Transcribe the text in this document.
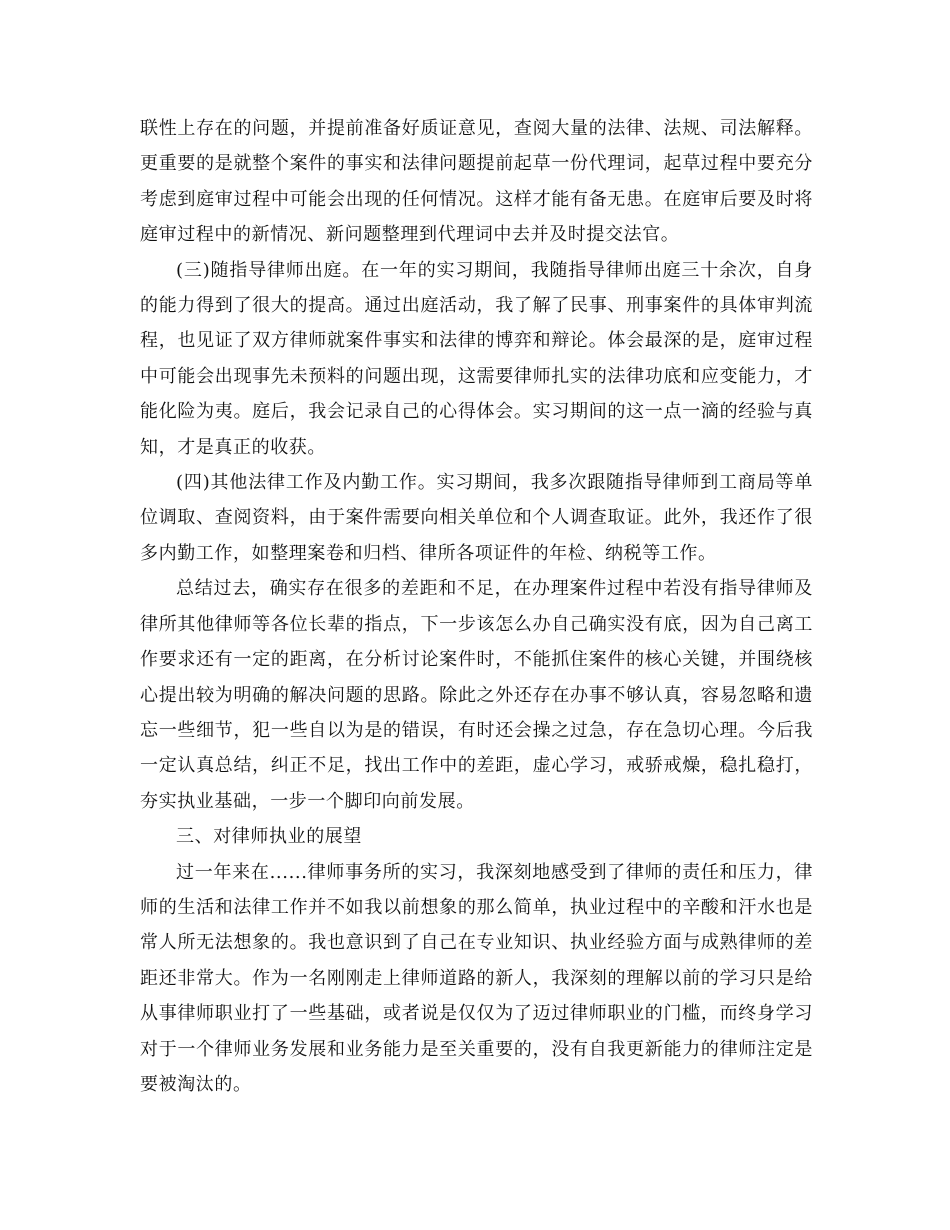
联性上存在的问题，并提前准备好质证意见，查阅大量的法律、法规、司法解释。更重要的是就整个案件的事实和法律问题提前起草一份代理词，起草过程中要充分考虑到庭审过程中可能会出现的任何情况。这样才能有备无患。在庭审后要及时将庭审过程中的新情况、新问题整理到代理词中去并及时提交法官。

(三)随指导律师出庭。在一年的实习期间，我随指导律师出庭三十余次，自身的能力得到了很大的提高。通过出庭活动，我了解了民事、刑事案件的具体审判流程，也见证了双方律师就案件事实和法律的博弈和辩论。体会最深的是，庭审过程中可能会出现事先未预料的问题出现，这需要律师扎实的法律功底和应变能力，才能化险为夷。庭后，我会记录自己的心得体会。实习期间的这一点一滴的经验与真知，才是真正的收获。

(四)其他法律工作及内勤工作。实习期间，我多次跟随指导律师到工商局等单位调取、查阅资料，由于案件需要向相关单位和个人调查取证。此外，我还作了很多内勤工作，如整理案卷和归档、律所各项证件的年检、纳税等工作。

总结过去，确实存在很多的差距和不足，在办理案件过程中若没有指导律师及律所其他律师等各位长辈的指点，下一步该怎么办自己确实没有底，因为自己离工作要求还有一定的距离，在分析讨论案件时，不能抓住案件的核心关键，并围绕核心提出较为明确的解决问题的思路。除此之外还存在办事不够认真，容易忽略和遗忘一些细节，犯一些自以为是的错误，有时还会操之过急，存在急切心理。今后我一定认真总结，纠正不足，找出工作中的差距，虚心学习，戒骄戒燥，稳扎稳打，夯实执业基础，一步一个脚印向前发展。

三、对律师执业的展望

过一年来在......律师事务所的实习，我深刻地感受到了律师的责任和压力，律师的生活和法律工作并不如我以前想象的那么简单，执业过程中的辛酸和汗水也是常人所无法想象的。我也意识到了自己在专业知识、执业经验方面与成熟律师的差距还非常大。作为一名刚刚走上律师道路的新人，我深刻的理解以前的学习只是给从事律师职业打了一些基础，或者说是仅仅为了迈过律师职业的门槛，而终身学习对于一个律师业务发展和业务能力是至关重要的，没有自我更新能力的律师注定是要被淘汰的。
